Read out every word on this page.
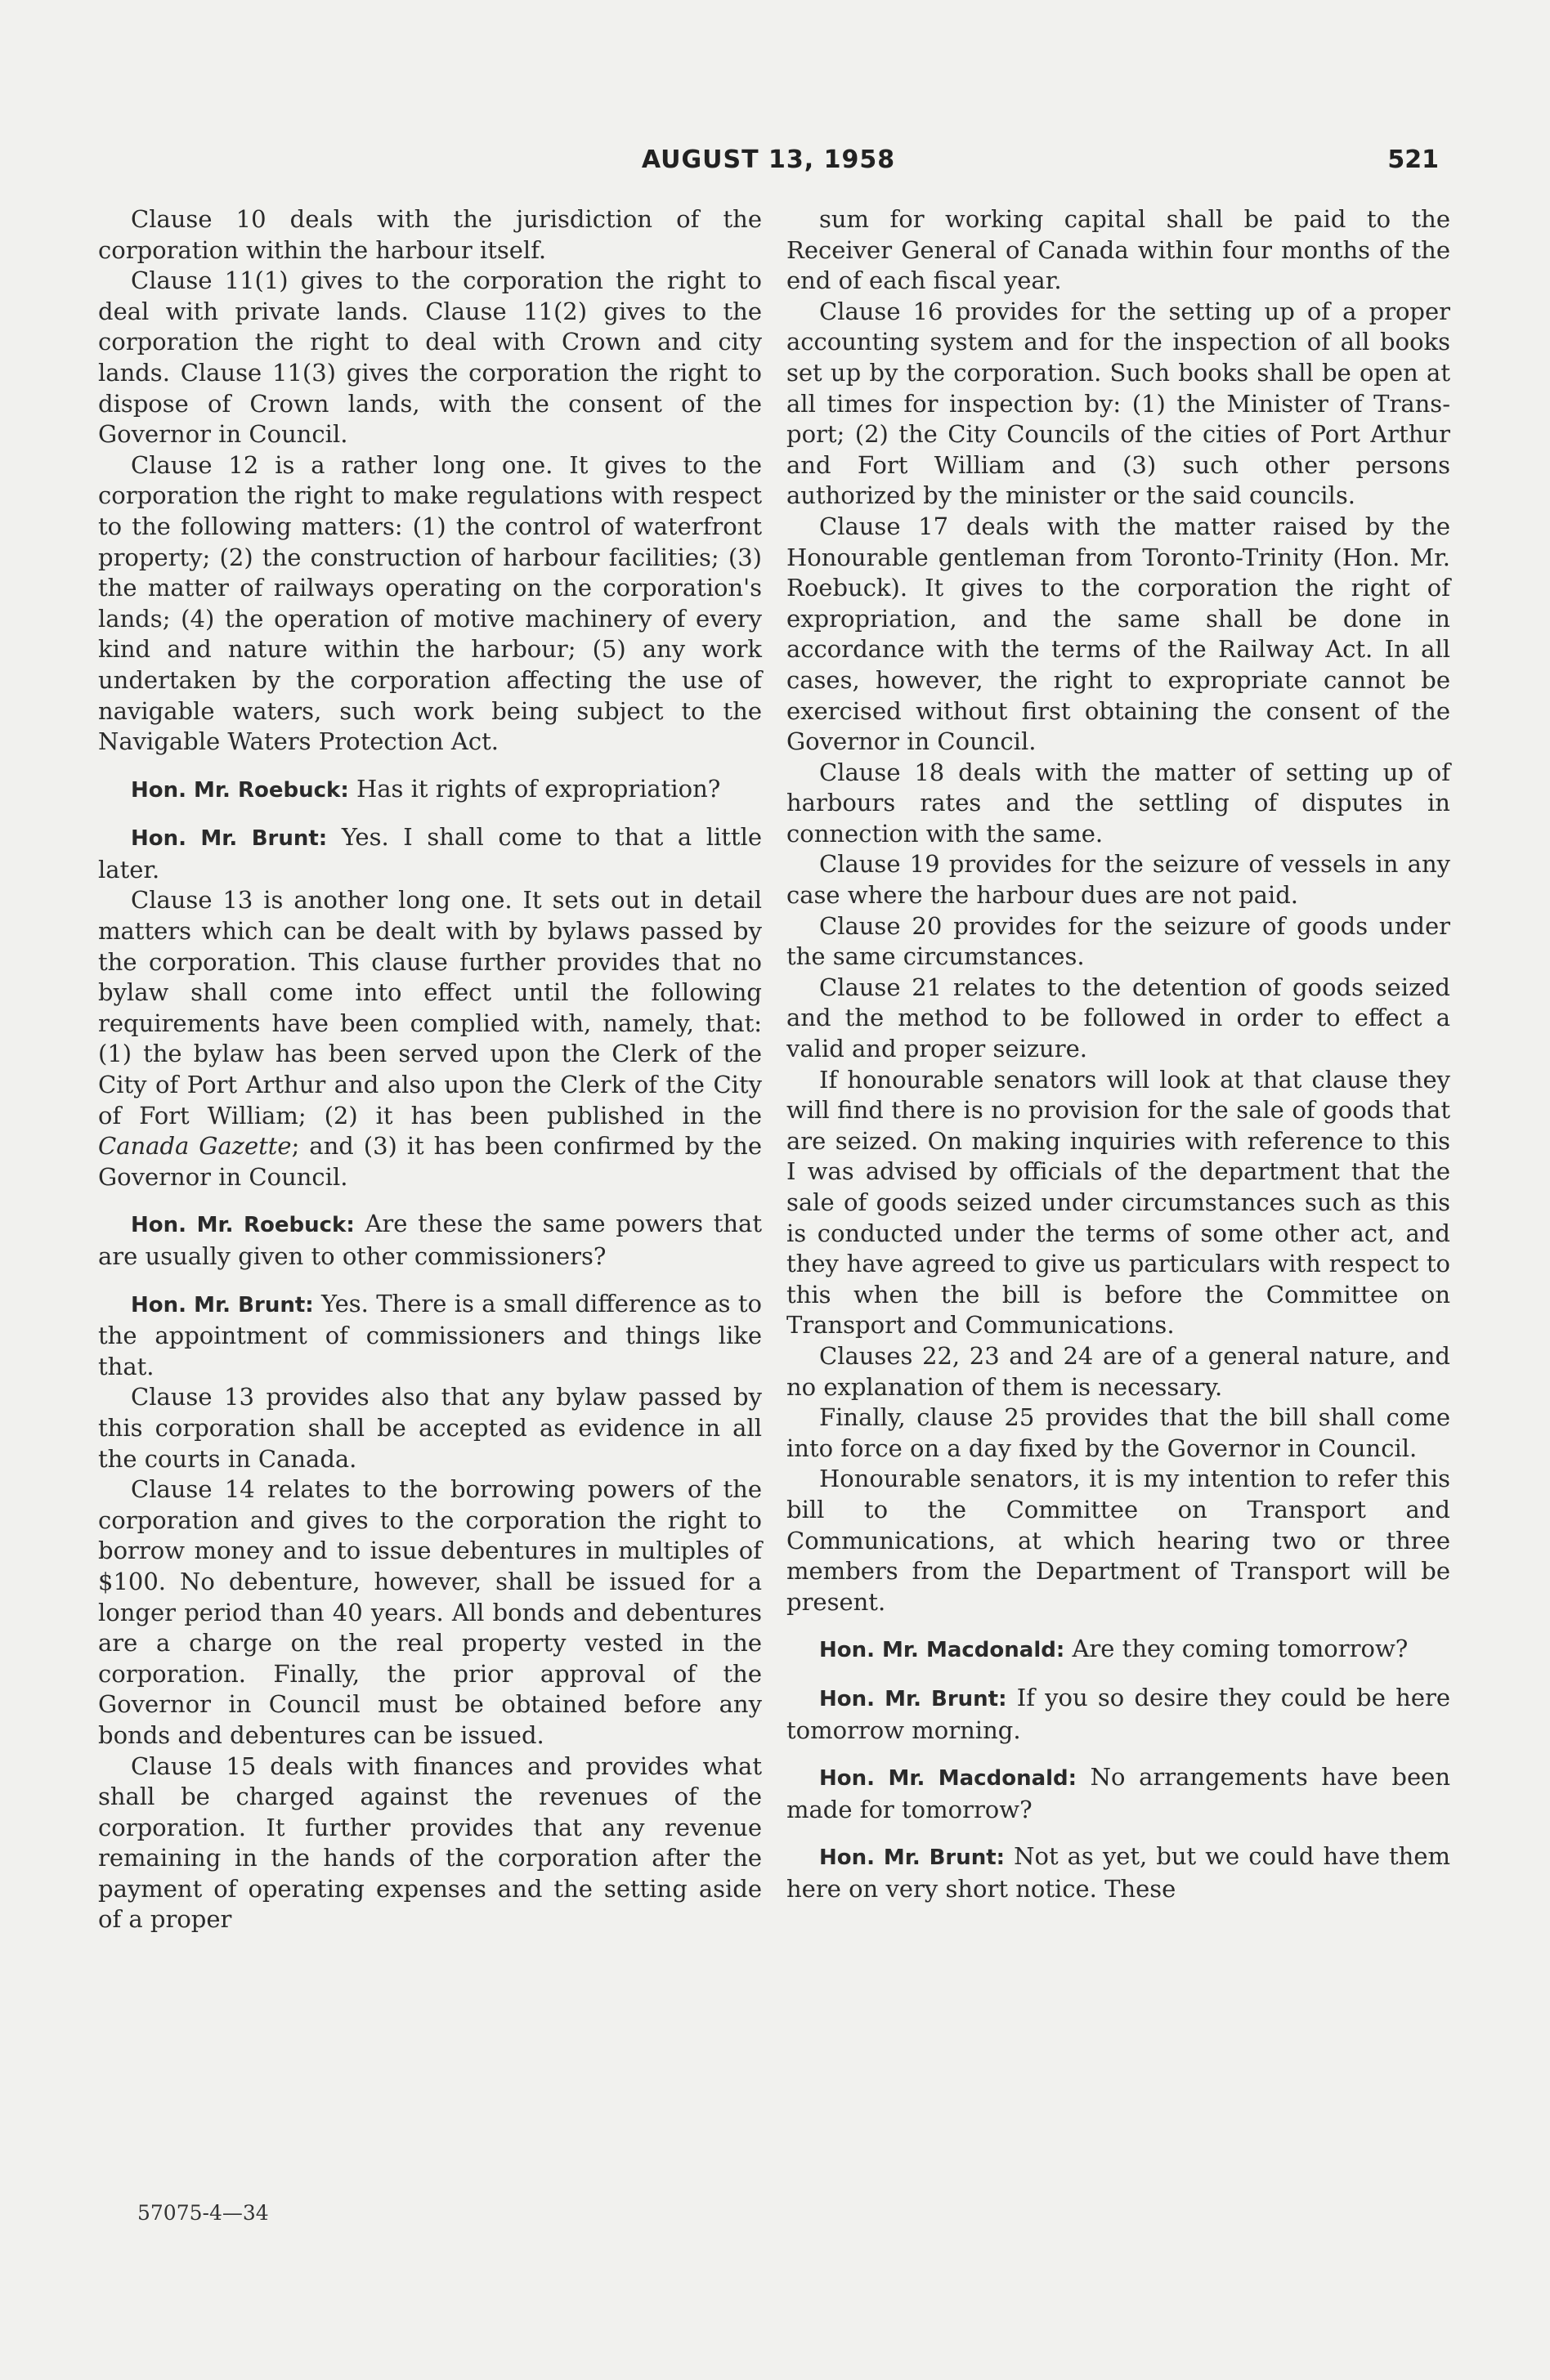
AUGUST 13, 1958	521

Clause 10 deals with the jurisdiction of the corporation within the harbour itself.

Clause 11(1) gives to the corporation the right to deal with private lands. Clause 11(2) gives to the corporation the right to deal with Crown and city lands. Clause 11(3) gives the corporation the right to dispose of Crown lands, with the consent of the Governor in Council.

Clause 12 is a rather long one. It gives to the corporation the right to make regulations with respect to the following matters: (1) the control of waterfront property; (2) the construction of harbour facilities; (3) the matter of railways operating on the corporation's lands; (4) the operation of motive machinery of every kind and nature within the harbour; (5) any work undertaken by the corporation affecting the use of navigable waters, such work being subject to the Navigable Waters Protection Act.

Hon. Mr. Roebuck: Has it rights of expropriation?

Hon. Mr. Brunt: Yes. I shall come to that a little later.

Clause 13 is another long one. It sets out in detail matters which can be dealt with by bylaws passed by the corporation. This clause further provides that no bylaw shall come into effect until the following requirements have been complied with, namely, that: (1) the bylaw has been served upon the Clerk of the City of Port Arthur and also upon the Clerk of the City of Fort William; (2) it has been published in the Canada Gazette; and (3) it has been confirmed by the Governor in Council.

Hon. Mr. Roebuck: Are these the same powers that are usually given to other commissioners?

Hon. Mr. Brunt: Yes. There is a small difference as to the appointment of commissioners and things like that.

Clause 13 provides also that any bylaw passed by this corporation shall be accepted as evidence in all the courts in Canada.

Clause 14 relates to the borrowing powers of the corporation and gives to the corporation the right to borrow money and to issue debentures in multiples of $100. No debenture, however, shall be issued for a longer period than 40 years. All bonds and debentures are a charge on the real property vested in the corporation. Finally, the prior approval of the Governor in Council must be obtained before any bonds and debentures can be issued.

Clause 15 deals with finances and provides what shall be charged against the revenues of the corporation. It further provides that any revenue remaining in the hands of the corporation after the payment of operating expenses and the setting aside of a proper

sum for working capital shall be paid to the Receiver General of Canada within four months of the end of each fiscal year.

Clause 16 provides for the setting up of a proper accounting system and for the inspection of all books set up by the corporation. Such books shall be open at all times for inspection by: (1) the Minister of Transport; (2) the City Councils of the cities of Port Arthur and Fort William and (3) such other persons authorized by the minister or the said councils.

Clause 17 deals with the matter raised by the Honourable gentleman from Toronto-Trinity (Hon. Mr. Roebuck). It gives to the corporation the right of expropriation, and the same shall be done in accordance with the terms of the Railway Act. In all cases, however, the right to expropriate cannot be exercised without first obtaining the consent of the Governor in Council.

Clause 18 deals with the matter of setting up of harbours rates and the settling of disputes in connection with the same.

Clause 19 provides for the seizure of vessels in any case where the harbour dues are not paid.

Clause 20 provides for the seizure of goods under the same circumstances.

Clause 21 relates to the detention of goods seized and the method to be followed in order to effect a valid and proper seizure.

If honourable senators will look at that clause they will find there is no provision for the sale of goods that are seized. On making inquiries with reference to this I was advised by officials of the department that the sale of goods seized under circumstances such as this is conducted under the terms of some other act, and they have agreed to give us particulars with respect to this when the bill is before the Committee on Transport and Communications.

Clauses 22, 23 and 24 are of a general nature, and no explanation of them is necessary.

Finally, clause 25 provides that the bill shall come into force on a day fixed by the Governor in Council.

Honourable senators, it is my intention to refer this bill to the Committee on Transport and Communications, at which hearing two or three members from the Department of Transport will be present.

Hon. Mr. Macdonald: Are they coming tomorrow?

Hon. Mr. Brunt: If you so desire they could be here tomorrow morning.

Hon. Mr. Macdonald: No arrangements have been made for tomorrow?

Hon. Mr. Brunt: Not as yet, but we could have them here on very short notice. These

57075-4—34
